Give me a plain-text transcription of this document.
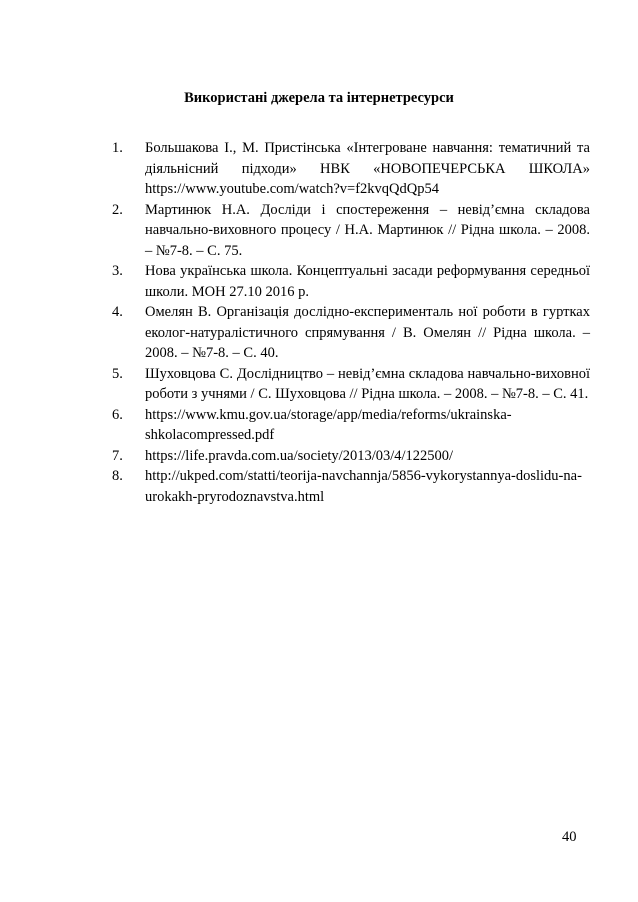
Використані джерела та інтернетресурси
1. Большакова І., М. Пристінська «Інтегроване навчання: тематичний та діяльнісний підходи» НВК «НОВОПЕЧЕРСЬКА ШКОЛА» https://www.youtube.com/watch?v=f2kvqQdQp54
2. Мартинюк Н.А. Досліди і спостереження – невід’ємна складова навчально-виховного процесу / Н.А. Мартинюк // Рідна школа. – 2008. – №7-8. – С. 75.
3. Нова українська школа. Концептуальні засади реформування середньої школи. МОН 27.10 2016 р.
4. Омелян В. Організація дослідно-експерименталь ної роботи в гуртках еколог-натуралістичного спрямування / В. Омелян // Рідна школа. – 2008. – №7-8. – С. 40.
5. Шуховцова С. Дослідництво – невід’ємна складова навчально-виховної роботи з учнями / С. Шуховцова // Рідна школа. – 2008. – №7-8. – С. 41.
6. https://www.kmu.gov.ua/storage/app/media/reforms/ukrainska-shkolacompressed.pdf
7. https://life.pravda.com.ua/society/2013/03/4/122500/
8. http://ukped.com/statti/teorija-navchannja/5856-vykorystannya-doslidu-na-urokakh-pryrodoznavstva.html
40
